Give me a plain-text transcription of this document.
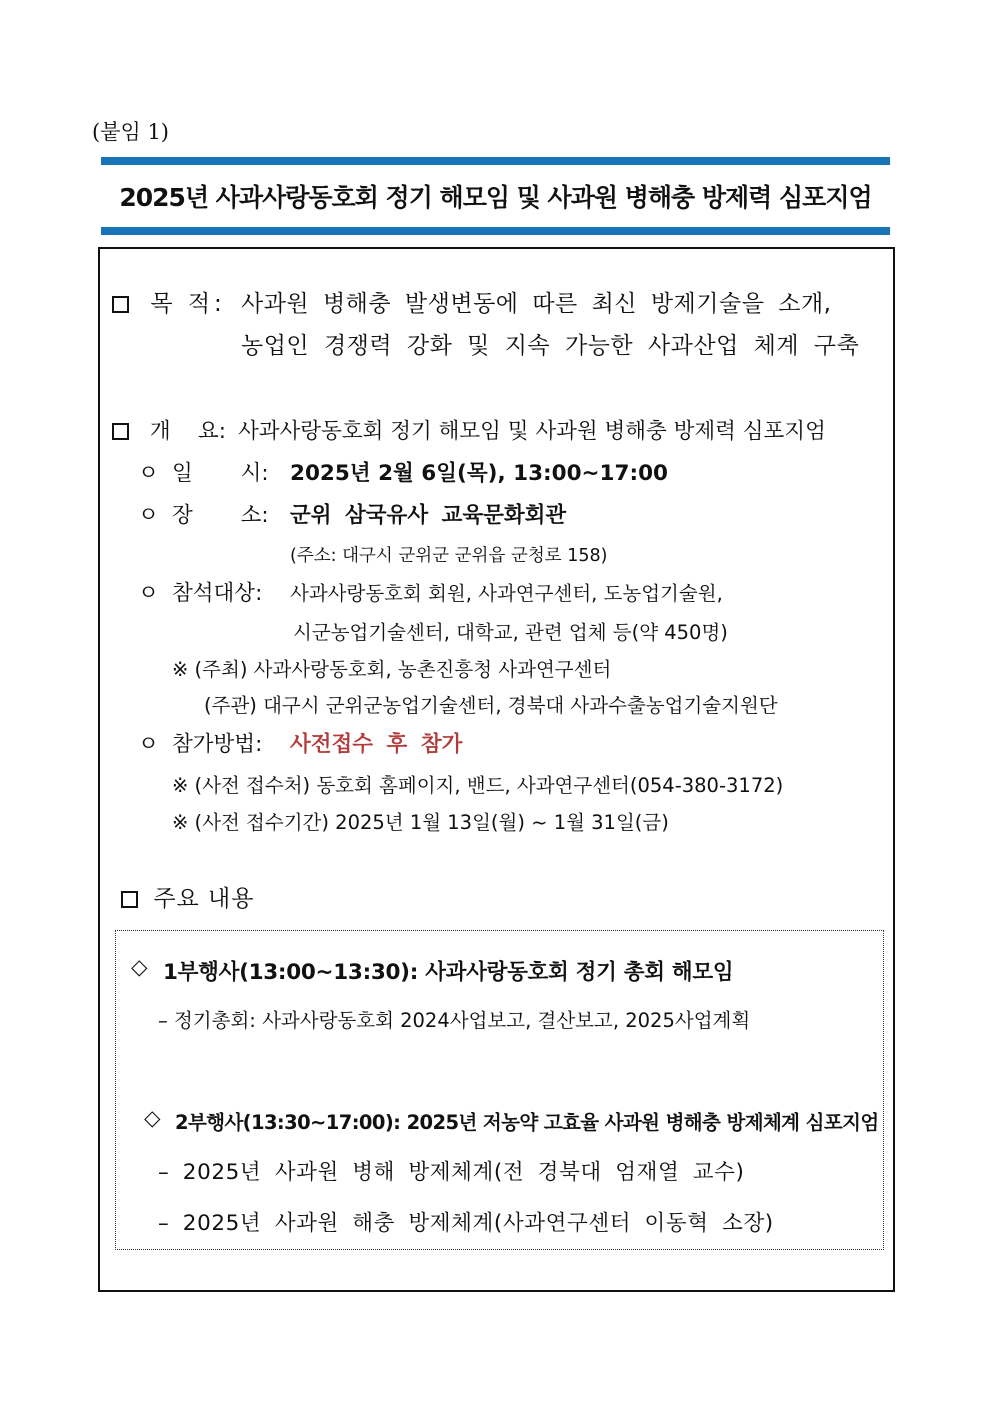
(붙임 1)
2025년 사과사랑동호회 정기 해모임 및 사과원 병해충 방제력 심포지엄
목 적: 사과원 병해충 발생변동에 따른 최신 방제기술을 소개,
농업인 경쟁력 강화 및 지속 가능한 사과산업 체계 구축
개    요: 사과사랑동호회 정기 해모임 및 사과원 병해충 방제력 심포지엄
ㅇ 일       시: 2025년 2월 6일(목), 13:00~17:00
ㅇ 장       소: 군위 삼국유사 교육문화회관
(주소: 대구시 군위군 군위읍 군청로 158)
ㅇ 참석대상: 사과사랑동호회 회원, 사과연구센터, 도농업기술원,
시군농업기술센터, 대학교, 관련 업체 등(약 450명)
※ (주최) 사과사랑동호회, 농촌진흥청 사과연구센터
(주관) 대구시 군위군농업기술센터, 경북대 사과수출농업기술지원단
ㅇ 참가방법: 사전접수 후 참가
※ (사전 접수처) 동호회 홈페이지, 밴드, 사과연구센터(054-380-3172)
※ (사전 접수기간) 2025년 1월 13일(월) ~ 1월 31일(금)
주요 내용
◇ 1부행사(13:00~13:30): 사과사랑동호회 정기 총회 해모임
– 정기총회: 사과사랑동호회 2024사업보고, 결산보고, 2025사업계획
◇ 2부행사(13:30~17:00): 2025년 저농약 고효율 사과원 병해충 방제체계 심포지엄
– 2025년 사과원 병해 방제체계(전 경북대 엄재열 교수)
– 2025년 사과원 해충 방제체계(사과연구센터 이동혁 소장)
